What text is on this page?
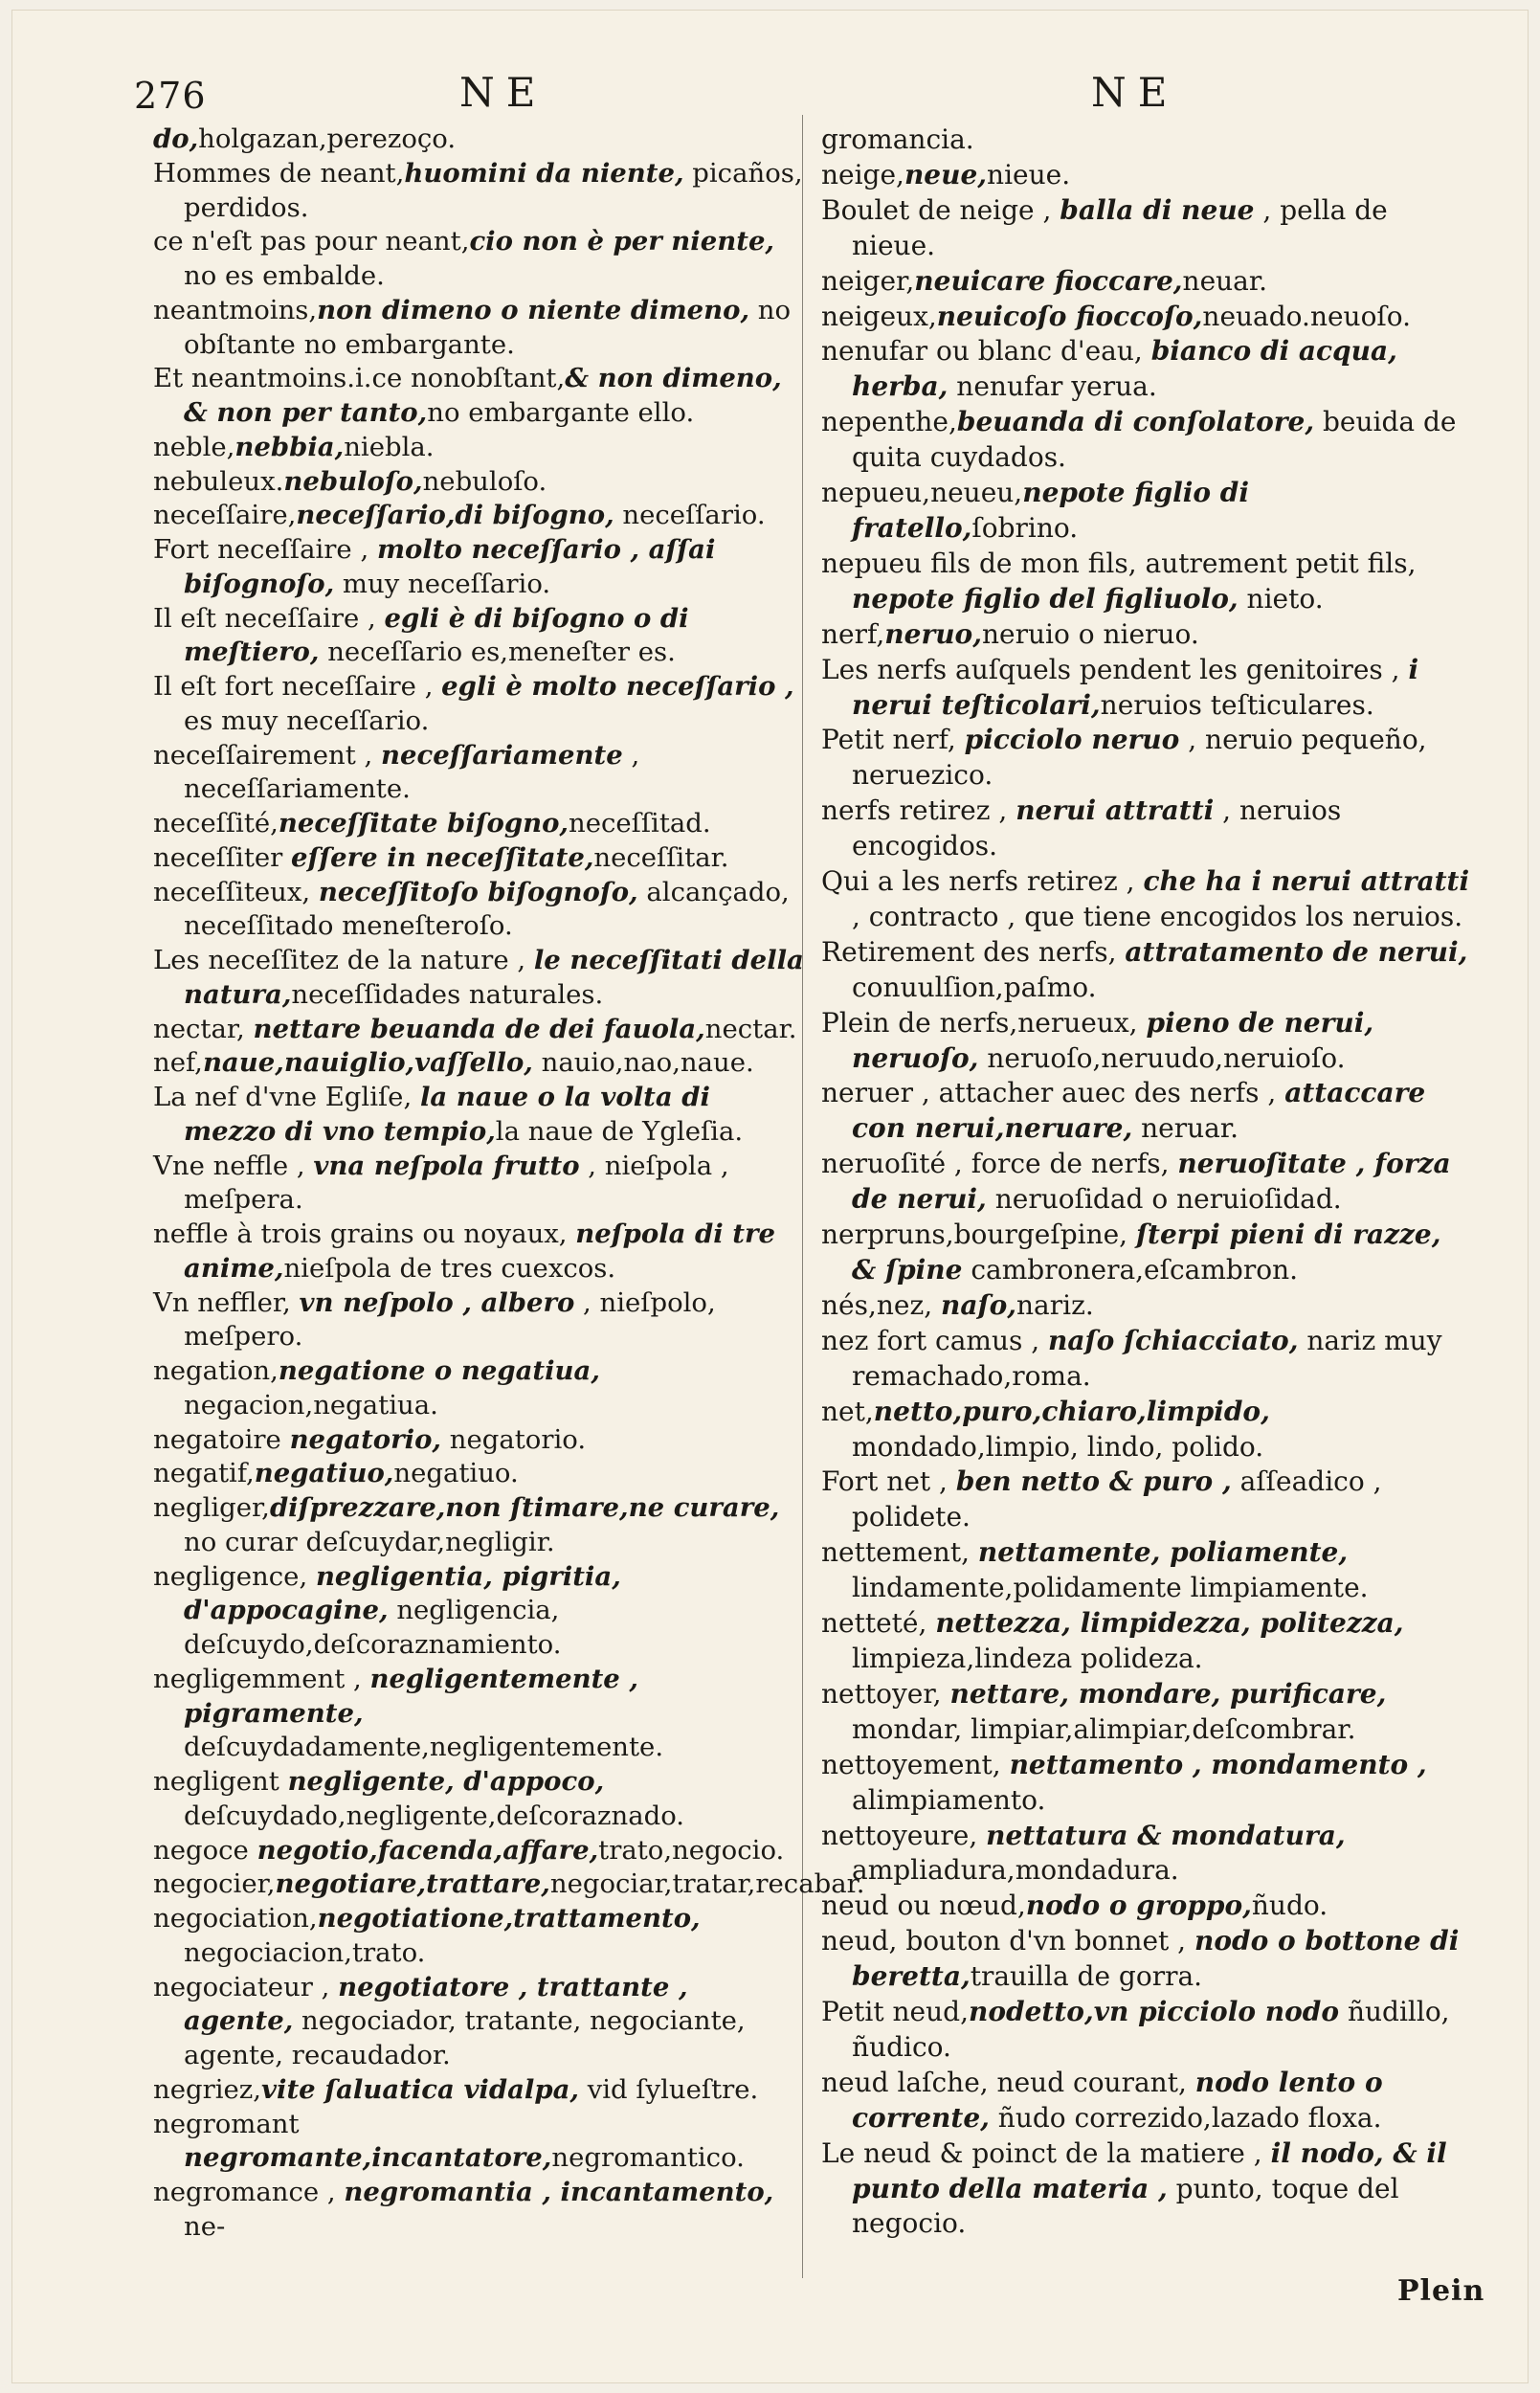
276	NE	NE

do,holgazan,perezoço.

Hommes de neant,huomini da niente, picaños, perdidos.

ce n'eſt pas pour neant,cio non è per niente, no es embalde.

neantmoins,non dimeno o niente dimeno, no obſtante no embargante.

Et neantmoins.i.ce nonobſtant,& non dimeno, & non per tanto,no embargante ello.

neble,nebbia,niebla.

nebuleux.nebuloſo,nebuloſo.

neceſſaire,neceſſario,di biſogno, neceſſario.

Fort neceſſaire , molto neceſſario , aſſai biſognoſo, muy neceſſario.

Il eſt neceſſaire , egli è di biſogno o di meſtiero, neceſſario es,meneſter es.

Il eſt fort neceſſaire , egli è molto neceſſario , es muy neceſſario.

neceſſairement , neceſſariamente , neceſſariamente.

neceſſité,neceſſitate biſogno,neceſſitad.

neceſſiter eſſere in neceſſitate,neceſſitar.

neceſſiteux, neceſſitoſo biſognoſo, alcançado, neceſſitado meneſteroſo.

Les neceſſitez de la nature , le neceſſitati della natura,neceſſidades naturales.

nectar, nettare beuanda de dei fauola,nectar.

nef,naue,nauiglio,vaſſello, nauio,nao,naue.

La nef d'vne Egliſe, la naue o la volta di mezzo di vno tempio,la naue de Ygleſia.

Vne neffle , vna neſpola frutto , nieſpola , meſpera.

neffle à trois grains ou noyaux, neſpola di tre anime,nieſpola de tres cuexcos.

Vn neffler, vn neſpolo , albero , nieſpolo, meſpero.

negation,negatione o negatiua, negacion,negatiua.

negatoire negatorio, negatorio.

negatif,negatiuo,negatiuo.

negliger,diſprezzare,non ſtimare,ne curare, no curar deſcuydar,negligir.

negligence, negligentia, pigritia, d'appocagine, negligencia, deſcuydo,deſcoraznamiento.

negligemment , negligentemente , pigramente, deſcuydadamente,negligentemente.

negligent negligente, d'appoco, deſcuydado,negligente,deſcoraznado.

negoce negotio,facenda,affare,trato,negocio.

negocier,negotiare,trattare,negociar,tratar,recabar.

negociation,negotiatione,trattamento, negociacion,trato.

negociateur , negotiatore , trattante , agente, negociador, tratante, negociante, agente, recaudador.

negriez,vite ſaluatica vidalpa, vid ſylueſtre.

negromant negromante,incantatore,negromantico.

negromance , negromantia , incantamento, ne-

gromancia.

neige,neue,nieue.

Boulet de neige , balla di neue , pella de nieue.

neiger,neuicare fioccare,neuar.

neigeux,neuicoſo fioccoſo,neuado.neuoſo.

nenufar ou blanc d'eau, bianco di acqua, herba, nenufar yerua.

nepenthe,beuanda di conſolatore, beuida de quita cuydados.

nepueu,neueu,nepote figlio di fratello,ſobrino.

nepueu fils de mon fils, autrement petit fils, nepote figlio del figliuolo, nieto.

nerf,neruo,neruio o nieruo.

Les nerfs auſquels pendent les genitoires , i nerui teſticolari,neruios teſticulares.

Petit nerf, picciolo neruo , neruio pequeño, neruezico.

nerfs retirez , nerui attratti , neruios encogidos.

Qui a les nerfs retirez , che ha i nerui attratti , contracto , que tiene encogidos los neruios.

Retirement des nerfs, attratamento de nerui, conuulſion,paſmo.

Plein de nerfs,nerueux, pieno de nerui, neruoſo, neruoſo,neruudo,neruioſo.

neruer , attacher auec des nerfs , attaccare con nerui,neruare, neruar.

neruoſité , force de nerfs, neruoſitate , forza de nerui, neruoſidad o neruioſidad.

nerpruns,bourgeſpine, ſterpi pieni di razze, & ſpine cambronera,eſcambron.

nés,nez, naſo,nariz.

nez fort camus , naſo ſchiacciato, nariz muy remachado,roma.

net,netto,puro,chiaro,limpido, mondado,limpio, lindo, polido.

Fort net , ben netto & puro , aſſeadico , polidete.

nettement, nettamente, poliamente, lindamente,polidamente limpiamente.

netteté, nettezza, limpidezza, politezza, limpieza,lindeza polideza.

nettoyer, nettare, mondare, purificare, mondar, limpiar,alimpiar,deſcombrar.

nettoyement, nettamento , mondamento , alimpiamento.

nettoyeure, nettatura & mondatura, ampliadura,mondadura.

neud ou nœud,nodo o groppo,ñudo.

neud, bouton d'vn bonnet , nodo o bottone di beretta,trauilla de gorra.

Petit neud,nodetto,vn picciolo nodo ñudillo, ñudico.

neud laſche, neud courant, nodo lento o corrente, ñudo correzido,lazado floxa.

Le neud & poinct de la matiere , il nodo, & il punto della materia , punto, toque del negocio.

Plein
